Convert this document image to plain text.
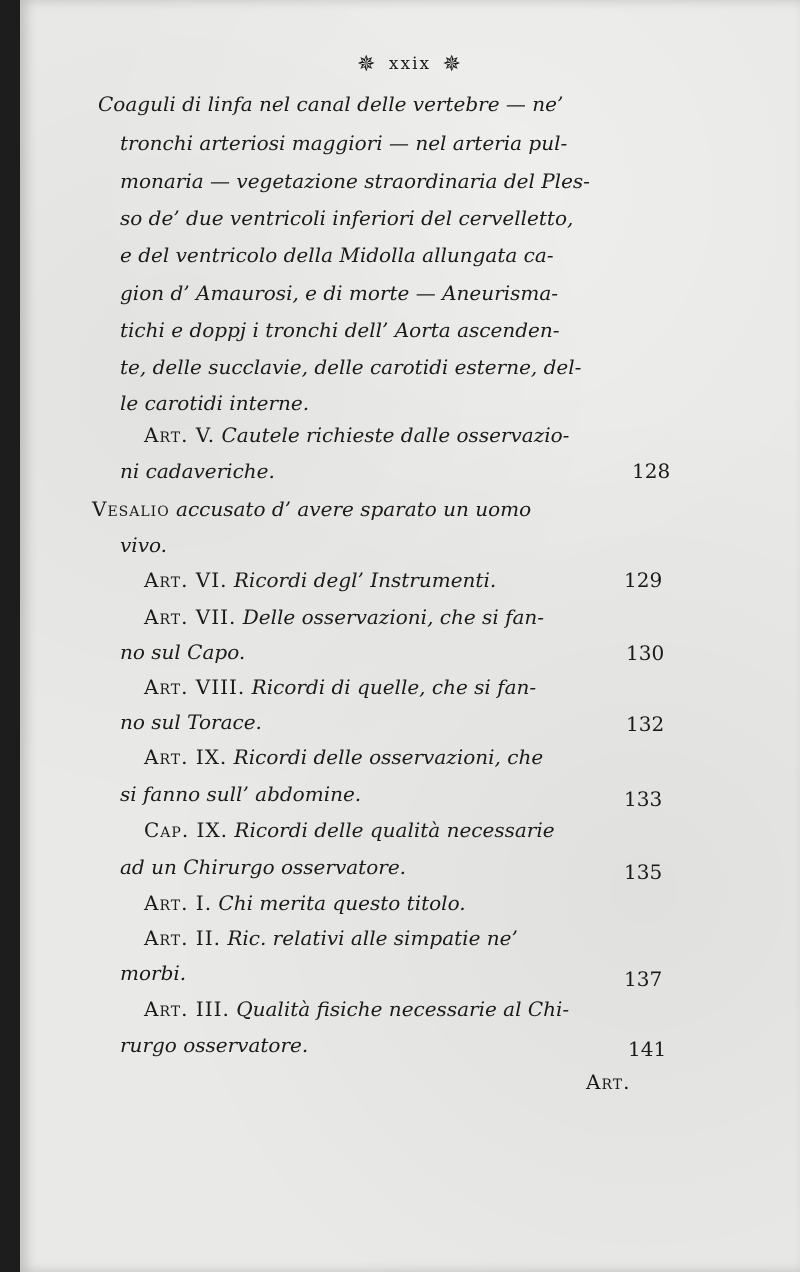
✵ xxix ✵
Coaguli di linfa nel canal delle vertebre — ne’
tronchi arteriosi maggiori — nel arteria pul-
monaria — vegetazione straordinaria del Ples-
so de’ due ventricoli inferiori del cervelletto,
e del ventricolo della Midolla allungata ca-
gion d’ Amaurosi, e di morte — Aneurisma-
tichi e doppj i tronchi dell’ Aorta ascenden-
te, delle succlavie, delle carotidi esterne, del-
le carotidi interne.
Art. V. Cautele richieste dalle osservazio-
ni cadaveriche.	128
Vesalio accusato d’ avere sparato un uomo
vivo.
Art. VI. Ricordi degl’ Instrumenti.	129
Art. VII. Delle osservazioni, che si fan-
no sul Capo.	130
Art. VIII. Ricordi di quelle, che si fan-
no sul Torace.	132
Art. IX. Ricordi delle osservazioni, che
si fanno sull’ abdomine.	133
Cap. IX. Ricordi delle qualità necessarie
ad un Chirurgo osservatore.	135
Art. I. Chi merita questo titolo.
Art. II. Ric. relativi alle simpatie ne’
morbi.	137
Art. III. Qualità fisiche necessarie al Chi-
rurgo osservatore.	141
Art.
